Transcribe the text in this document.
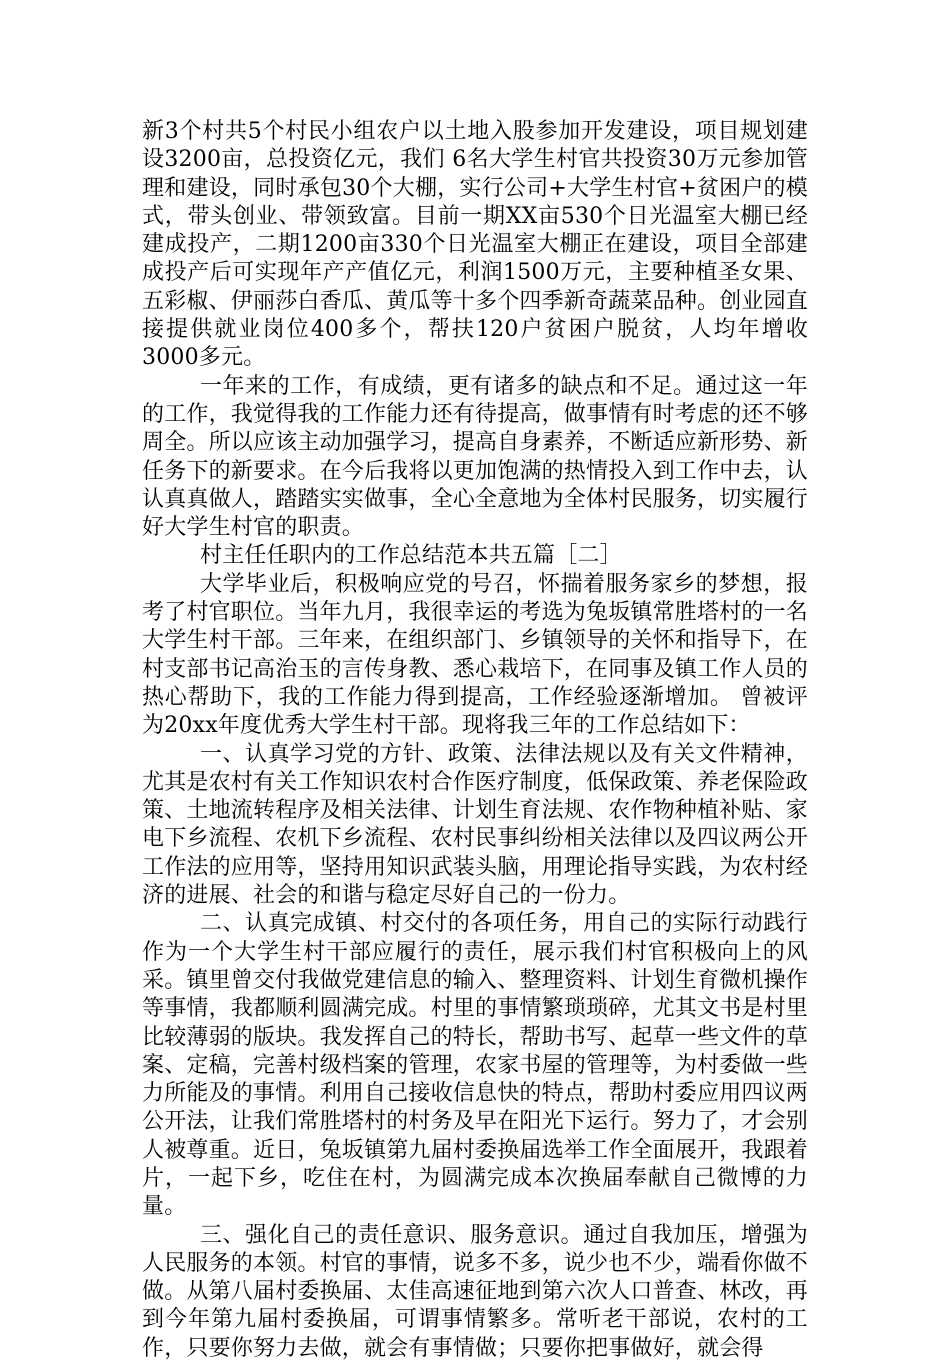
新3个村共5个村民小组农户以土地入股参加开发建设，项目规划建设3200亩，总投资亿元，我们 6名大学生村官共投资30万元参加管理和建设，同时承包30个大棚，实行公司+大学生村官+贫困户的模式，带头创业、带领致富。目前一期XX亩530个日光温室大棚已经建成投产，二期1200亩330个日光温室大棚正在建设，项目全部建成投产后可实现年产产值亿元，利润1500万元，主要种植圣女果、五彩椒、伊丽莎白香瓜、黄瓜等十多个四季新奇蔬菜品种。创业园直接提供就业岗位400多个，帮扶120户贫困户脱贫，人均年增收3000多元。

一年来的工作，有成绩，更有诸多的缺点和不足。通过这一年的工作，我觉得我的工作能力还有待提高，做事情有时考虑的还不够周全。所以应该主动加强学习，提高自身素养，不断适应新形势、新任务下的新要求。在今后我将以更加饱满的热情投入到工作中去，认认真真做人，踏踏实实做事，全心全意地为全体村民服务，切实履行好大学生村官的职责。

村主任任职内的工作总结范本共五篇［二］

大学毕业后，积极响应党的号召，怀揣着服务家乡的梦想，报考了村官职位。当年九月，我很幸运的考选为兔坂镇常胜塔村的一名大学生村干部。三年来，在组织部门、乡镇领导的关怀和指导下，在村支部书记高治玉的言传身教、悉心栽培下，在同事及镇工作人员的热心帮助下，我的工作能力得到提高，工作经验逐渐增加。 曾被评为20xx年度优秀大学生村干部。现将我三年的工作总结如下：

一、认真学习党的方针、政策、法律法规以及有关文件精神，尤其是农村有关工作知识农村合作医疗制度，低保政策、养老保险政策、土地流转程序及相关法律、计划生育法规、农作物种植补贴、家电下乡流程、农机下乡流程、农村民事纠纷相关法律以及四议两公开工作法的应用等，坚持用知识武装头脑，用理论指导实践，为农村经济的进展、社会的和谐与稳定尽好自己的一份力。

二、认真完成镇、村交付的各项任务，用自己的实际行动践行作为一个大学生村干部应履行的责任，展示我们村官积极向上的风采。镇里曾交付我做党建信息的输入、整理资料、计划生育微机操作等事情，我都顺利圆满完成。村里的事情繁琐琐碎，尤其文书是村里比较薄弱的版块。我发挥自己的特长，帮助书写、起草一些文件的草案、定稿，完善村级档案的管理，农家书屋的管理等，为村委做一些力所能及的事情。利用自己接收信息快的特点，帮助村委应用四议两公开法，让我们常胜塔村的村务及早在阳光下运行。努力了，才会别人被尊重。近日，兔坂镇第九届村委换届选举工作全面展开，我跟着片，一起下乡，吃住在村，为圆满完成本次换届奉献自己微博的力量。

三、强化自己的责任意识、服务意识。通过自我加压，增强为人民服务的本领。村官的事情，说多不多，说少也不少，端看你做不做。从第八届村委换届、太佳高速征地到第六次人口普查、林改，再到今年第九届村委换届，可谓事情繁多。常听老干部说，农村的工作，只要你努力去做，就会有事情做；只要你把事做好，就会得
